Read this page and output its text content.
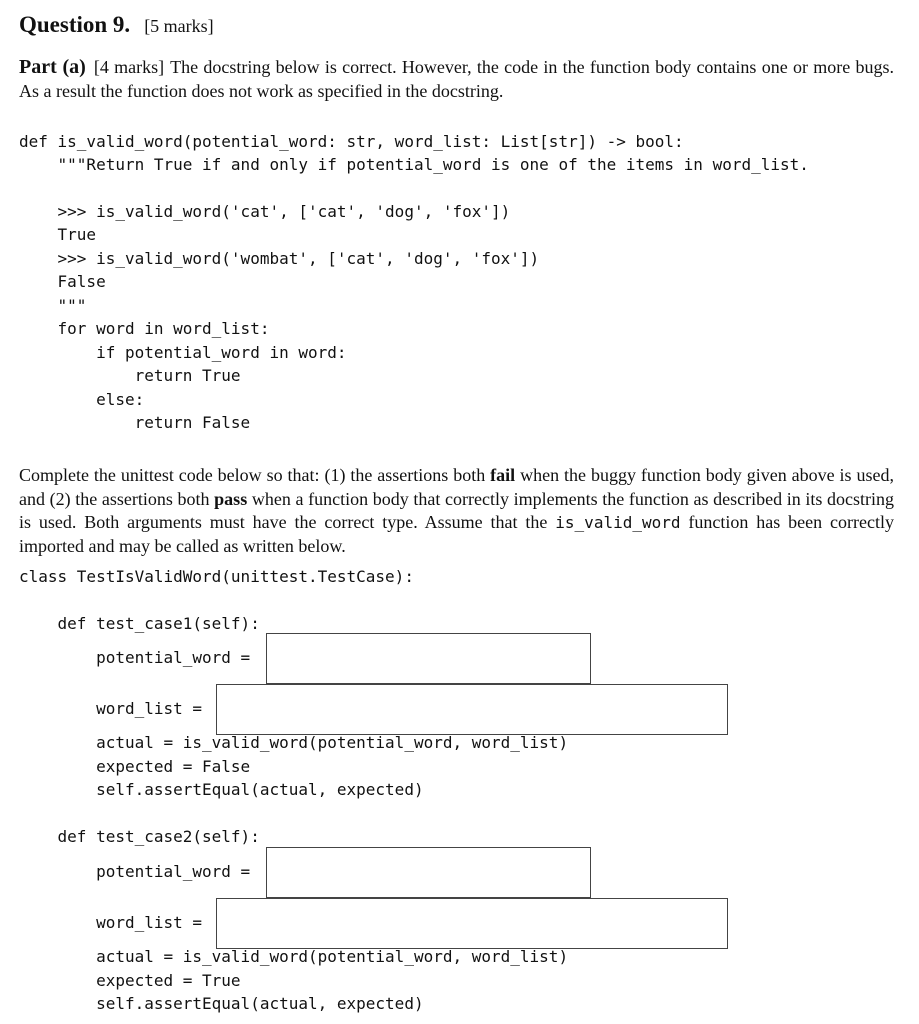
Question 9. [5 marks]
Part (a) [4 marks] The docstring below is correct. However, the code in the function body contains one or more bugs. As a result the function does not work as specified in the docstring.
def is_valid_word(potential_word: str, word_list: List[str]) -> bool:
"""Return True if and only if potential_word is one of the items in word_list.
>>> is_valid_word('cat', ['cat', 'dog', 'fox'])
True
>>> is_valid_word('wombat', ['cat', 'dog', 'fox'])
False
"""
for word in word_list:
if potential_word in word:
return True
else:
return False
Complete the unittest code below so that: (1) the assertions both fail when the buggy function body given above is used, and (2) the assertions both pass when a function body that correctly implements the function as described in its docstring is used. Both arguments must have the correct type. Assume that the is_valid_word function has been correctly imported and may be called as written below.
class TestIsValidWord(unittest.TestCase):
def test_case1(self):
potential_word =
word_list =
actual = is_valid_word(potential_word, word_list)
expected = False
self.assertEqual(actual, expected)
def test_case2(self):
potential_word =
word_list =
actual = is_valid_word(potential_word, word_list)
expected = True
self.assertEqual(actual, expected)
